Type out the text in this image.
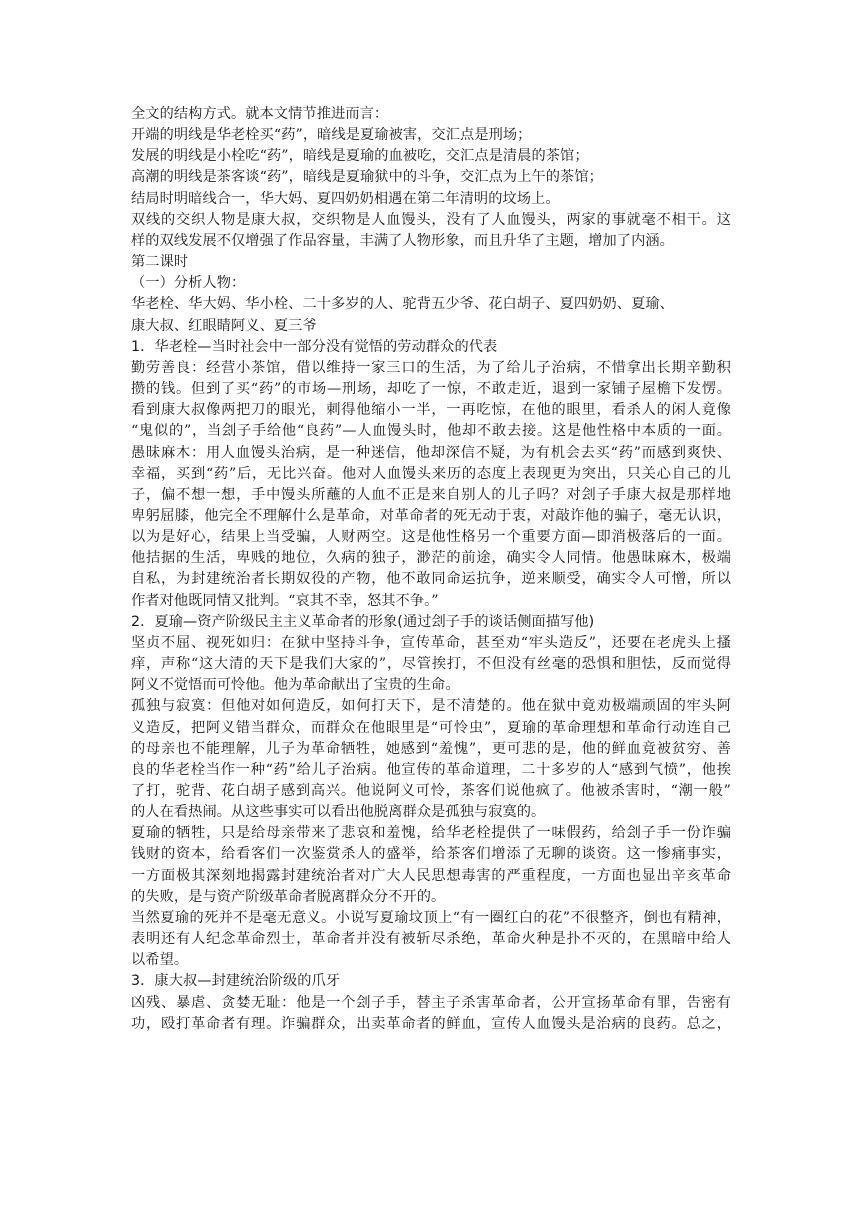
全文的结构方式。就本文情节推进而言：
开端的明线是华老栓买“药”，暗线是夏瑜被害，交汇点是刑场；
发展的明线是小栓吃“药”，暗线是夏瑜的血被吃，交汇点是清晨的茶馆；
高潮的明线是茶客谈“药”，暗线是夏瑜狱中的斗争，交汇点为上午的茶馆；
结局时明暗线合一，华大妈、夏四奶奶相遇在第二年清明的坟场上。
双线的交织人物是康大叔，交织物是人血馒头，没有了人血馒头，两家的事就毫不相干。这
样的双线发展不仅增强了作品容量，丰满了人物形象，而且升华了主题，增加了内涵。
第二课时
（一）分析人物：
华老栓、华大妈、华小栓、二十多岁的人、驼背五少爷、花白胡子、夏四奶奶、夏瑜、
康大叔、红眼睛阿义、夏三爷
1．华老栓—当时社会中一部分没有觉悟的劳动群众的代表
勤劳善良：经营小茶馆，借以维持一家三口的生活，为了给儿子治病，不惜拿出长期辛勤积
攒的钱。但到了买“药”的市场—刑场，却吃了一惊，不敢走近，退到一家铺子屋檐下发愣。
看到康大叔像两把刀的眼光，刺得他缩小一半，一再吃惊，在他的眼里，看杀人的闲人竟像
“鬼似的”，当刽子手给他“良药”—人血馒头时，他却不敢去接。这是他性格中本质的一面。
愚昧麻木：用人血馒头治病，是一种迷信，他却深信不疑，为有机会去买“药”而感到爽快、
幸福，买到“药”后，无比兴奋。他对人血馒头来历的态度上表现更为突出，只关心自己的儿
子，偏不想一想，手中馒头所蘸的人血不正是来自别人的儿子吗？对刽子手康大叔是那样地
卑躬屈膝，他完全不理解什么是革命，对革命者的死无动于衷，对敲诈他的骗子，毫无认识，
以为是好心，结果上当受骗，人财两空。这是他性格另一个重要方面—即消极落后的一面。
他拮据的生活，卑贱的地位，久病的独子，渺茫的前途，确实令人同情。他愚昧麻木，极端
自私，为封建统治者长期奴役的产物，他不敢同命运抗争，逆来顺受，确实令人可憎，所以
作者对他既同情又批判。“哀其不幸，怒其不争。”
2．夏瑜—资产阶级民主主义革命者的形象(通过刽子手的谈话侧面描写他)
坚贞不屈、视死如归：在狱中坚持斗争，宣传革命，甚至劝“牢头造反”，还要在老虎头上搔
痒，声称“这大清的天下是我们大家的”，尽管挨打，不但没有丝毫的恐惧和胆怯，反而觉得
阿义不觉悟而可怜他。他为革命献出了宝贵的生命。
孤独与寂寞：但他对如何造反，如何打天下，是不清楚的。他在狱中竟劝极端顽固的牢头阿
义造反，把阿义错当群众，而群众在他眼里是“可怜虫”，夏瑜的革命理想和革命行动连自己
的母亲也不能理解，儿子为革命牺牲，她感到“羞愧”，更可悲的是，他的鲜血竟被贫穷、善
良的华老栓当作一种“药”给儿子治病。他宣传的革命道理，二十多岁的人“感到气愤”，他挨
了打，驼背、花白胡子感到高兴。他说阿义可怜，茶客们说他疯了。他被杀害时，“潮一般”
的人在看热闹。从这些事实可以看出他脱离群众是孤独与寂寞的。
夏瑜的牺牲，只是给母亲带来了悲哀和羞愧，给华老栓提供了一味假药，给刽子手一份诈骗
钱财的资本，给看客们一次鉴赏杀人的盛举，给茶客们增添了无聊的谈资。这一惨痛事实，
一方面极其深刻地揭露封建统治者对广大人民思想毒害的严重程度，一方面也显出辛亥革命
的失败，是与资产阶级革命者脱离群众分不开的。
当然夏瑜的死并不是毫无意义。小说写夏瑜坟顶上“有一圈红白的花”不很整齐，倒也有精神，
表明还有人纪念革命烈士，革命者并没有被斩尽杀绝，革命火种是扑不灭的，在黑暗中给人
以希望。
3．康大叔—封建统治阶级的爪牙
凶残、暴虐、贪婪无耻：他是一个刽子手，替主子杀害革命者，公开宣扬革命有罪，告密有
功，殴打革命者有理。诈骗群众，出卖革命者的鲜血，宣传人血馒头是治病的良药。总之，
